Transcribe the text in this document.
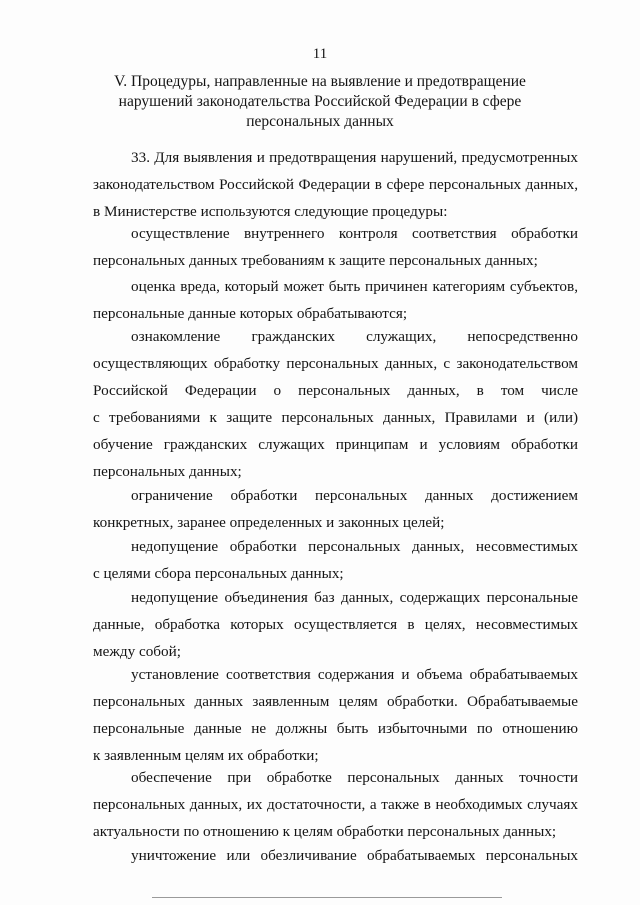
11
V. Процедуры, направленные на выявление и предотвращение
нарушений законодательства Российской Федерации в сфере
персональных данных

33. Для выявления и предотвращения нарушений, предусмотренных
законодательством Российской Федерации в сфере персональных данных,
в Министерстве используются следующие процедуры:

осуществление внутреннего контроля соответствия обработки
персональных данных требованиям к защите персональных данных;

оценка вреда, который может быть причинен категориям субъектов,
персональные данные которых обрабатываются;

ознакомление гражданских служащих, непосредственно
осуществляющих обработку персональных данных, с законодательством
Российской Федерации о персональных данных, в том числе
с требованиями к защите персональных данных, Правилами и (или)
обучение гражданских служащих принципам и условиям обработки
персональных данных;

ограничение обработки персональных данных достижением
конкретных, заранее определенных и законных целей;

недопущение обработки персональных данных, несовместимых
с целями сбора персональных данных;

недопущение объединения баз данных, содержащих персональные
данные, обработка которых осуществляется в целях, несовместимых
между собой;

установление соответствия содержания и объема обрабатываемых
персональных данных заявленным целям обработки. Обрабатываемые
персональные данные не должны быть избыточными по отношению
к заявленным целям их обработки;

обеспечение при обработке персональных данных точности
персональных данных, их достаточности, а также в необходимых случаях
актуальности по отношению к целям обработки персональных данных;

уничтожение или обезличивание обрабатываемых персональных
